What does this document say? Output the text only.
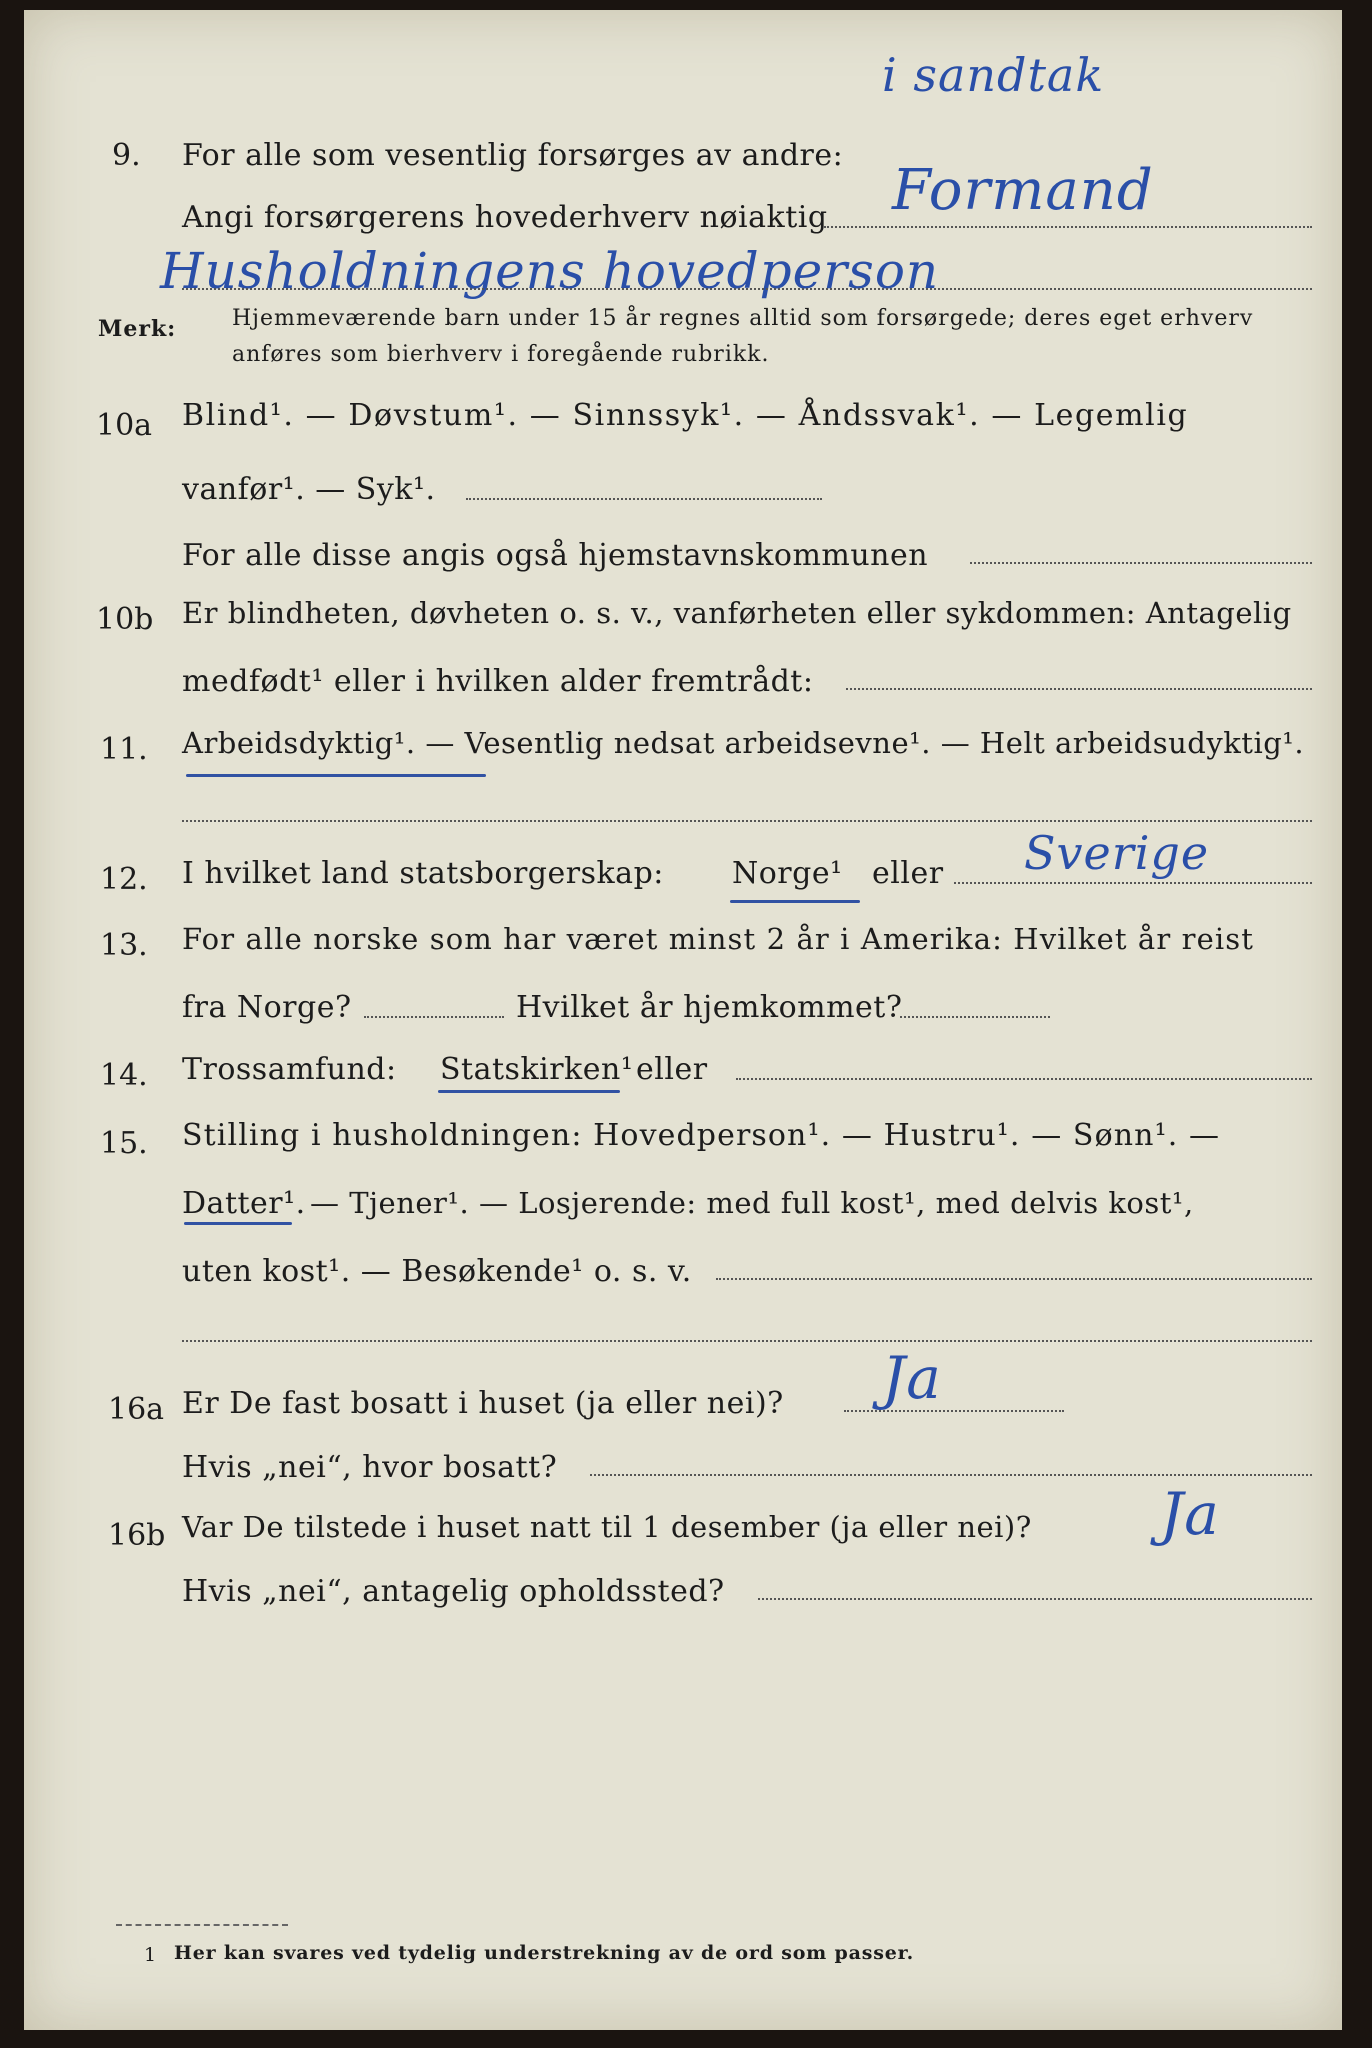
i sandtak
9. For alle som vesentlig forsørges av andre:
Angi forsørgerens hovederhverv nøiaktig Formand
Husholdningens hovedperson
Merk:	Hjemmeværende barn under 15 år regnes alltid som forsørgede; deres eget erhverv
anføres som bierhverv i foregående rubrikk.
10a Blind¹. — Døvstum¹. — Sinnssyk¹. — Åndssvak¹. — Legemlig
vanfør¹. — Syk¹.
For alle disse angis også hjemstavnskommunen
10b Er blindheten, døvheten o. s. v., vanførheten eller sykdommen: Antagelig
medfødt¹ eller i hvilken alder fremtrådt:
11. Arbeidsdyktig¹. — Vesentlig nedsat arbeidsevne¹. — Helt arbeidsudyktig¹.
12. I hvilket land statsborgerskap: Norge¹ eller Sverige
13. For alle norske som har været minst 2 år i Amerika: Hvilket år reist
fra Norge?	Hvilket år hjemkommet?
14. Trossamfund: Statskirken¹ eller
15. Stilling i husholdningen: Hovedperson¹. — Hustru¹. — Sønn¹. —
Datter¹. — Tjener¹. — Losjerende: med full kost¹, med delvis kost¹,
uten kost¹. — Besøkende¹ o. s. v.
16a Er De fast bosatt i huset (ja eller nei)? Ja
Hvis „nei“, hvor bosatt?
16b Var De tilstede i huset natt til 1 desember (ja eller nei)? Ja
Hvis „nei“, antagelig opholdssted?
1 Her kan svares ved tydelig understrekning av de ord som passer.
